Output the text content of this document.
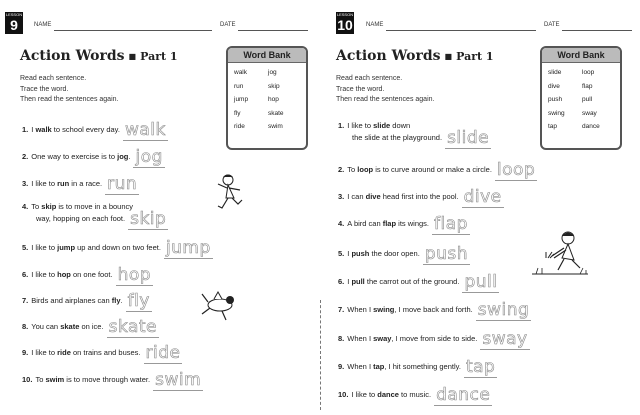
LESSON
9	NAME	DATE
Action Words ■ Part 1
Read each sentence.
Trace the word.
Then read the sentences again.
Word Bank
walk	jog
run	skip
jump	hop
fly	skate
ride	swim
1. I walk to school every day. walk
2. One way to exercise is to jog. jog
3. I like to run in a race. run
4. To skip is to move in a bouncy
way, hopping on each foot. skip
5. I like to jump up and down on two feet. jump
6. I like to hop on one foot. hop
7. Birds and airplanes can fly. fly
8. You can skate on ice. skate
9. I like to ride on trains and buses. ride
10. To swim is to move through water. swim
LESSON
10 NAME	DATE
Action Words ■ Part 1
Read each sentence.
Trace the word.
Then read the sentences again.
Word Bank
slide	loop
dive	flap
push	pull
swing	sway
tap	dance
1. I like to slide down
the slide at the playground. slide
2. To loop is to curve around or make a circle. loop
3. I can dive head first into the pool. dive
4. A bird can flap its wings. flap
5. I push the door open. push
6. I pull the carrot out of the ground. pull
7. When I swing, I move back and forth. swing
8. When I sway, I move from side to side. sway
9. When I tap, I hit something gently. tap
10. I like to dance to music. dance
